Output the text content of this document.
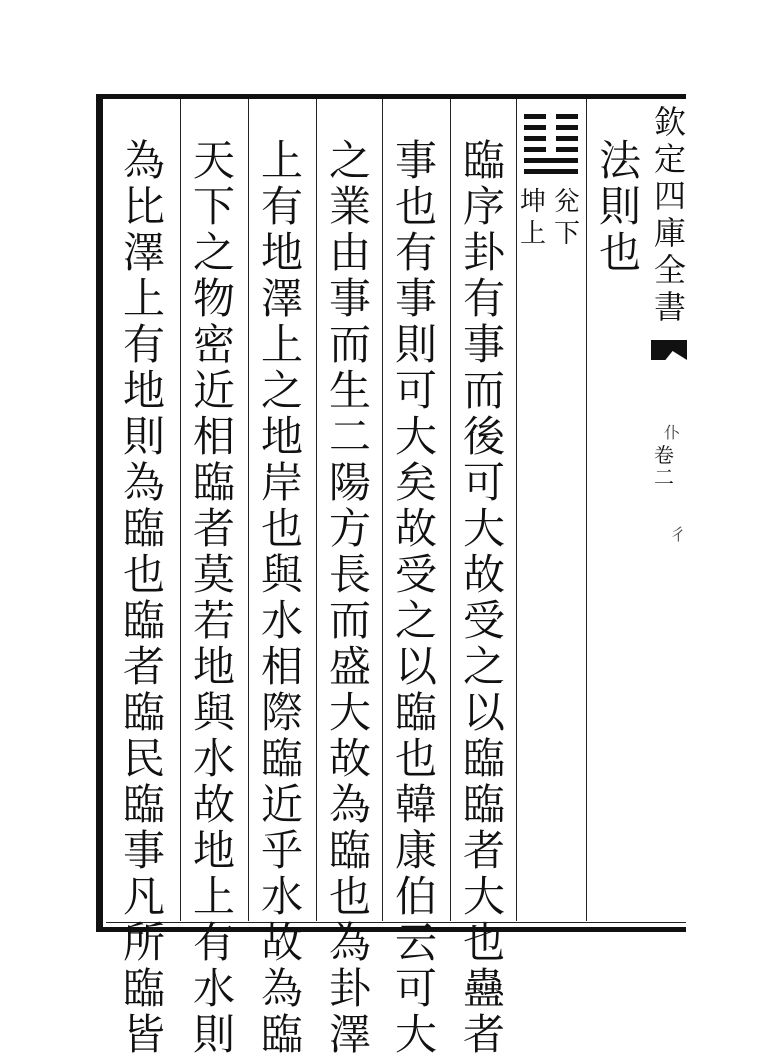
欽
定
四
庫
全
書
卷
二
仆
彳
兊
下
坤
上
法
則
也
臨
序
卦
有
事
而
後
可
大
故
受
之
以
臨
臨
者
大
也
蠱
者
事
也
有
事
則
可
大
矣
故
受
之
以
臨
也
韓
康
伯
云
可
大
之
業
由
事
而
生
二
陽
方
長
而
盛
大
故
為
臨
也
為
卦
澤
上
有
地
澤
上
之
地
岸
也
與
水
相
際
臨
近
乎
水
故
為
臨
天
下
之
物
密
近
相
臨
者
莫
若
地
與
水
故
地
上
有
水
則
為
比
澤
上
有
地
則
為
臨
也
臨
者
臨
民
臨
事
凡
所
臨
皆
